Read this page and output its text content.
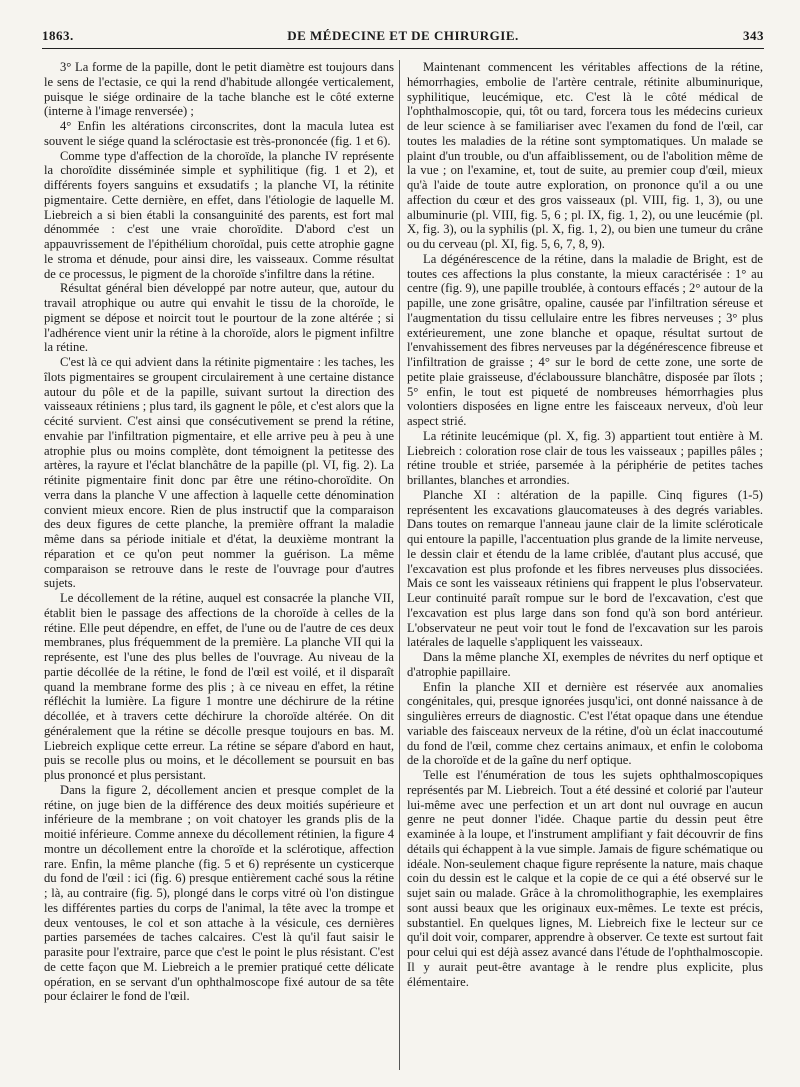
1863.	DE MÉDECINE ET DE CHIRURGIE.	343

3° La forme de la papille, dont le petit diamètre est toujours dans le sens de l'ectasie, ce qui la rend d'habitude allongée verticalement, puisque le siége ordinaire de la tache blanche est le côté externe (interne à l'image renversée) ;

4° Enfin les altérations circonscrites, dont la macula lutea est souvent le siége quand la scléroctasie est très-prononcée (fig. 1 et 6).

Comme type d'affection de la choroïde, la planche IV représente la choroïdite disséminée simple et syphilitique (fig. 1 et 2), et différents foyers sanguins et exsudatifs ; la planche VI, la rétinite pigmentaire. Cette dernière, en effet, dans l'étiologie de laquelle M. Liebreich a si bien établi la consanguinité des parents, est fort mal dénommée : c'est une vraie choroïdite. D'abord c'est un appauvrissement de l'épithélium choroïdal, puis cette atrophie gagne le stroma et dénude, pour ainsi dire, les vaisseaux. Comme résultat de ce processus, le pigment de la choroïde s'infiltre dans la rétine.

Résultat général bien développé par notre auteur, que, autour du travail atrophique ou autre qui envahit le tissu de la choroïde, le pigment se dépose et noircit tout le pourtour de la zone altérée ; si l'adhérence vient unir la rétine à la choroïde, alors le pigment infiltre la rétine.

C'est là ce qui advient dans la rétinite pigmentaire : les taches, les îlots pigmentaires se groupent circulairement à une certaine distance autour du pôle et de la papille, suivant surtout la direction des vaisseaux rétiniens ; plus tard, ils gagnent le pôle, et c'est alors que la cécité survient. C'est ainsi que consécutivement se prend la rétine, envahie par l'infiltration pigmentaire, et elle arrive peu à peu à une atrophie plus ou moins complète, dont témoignent la petitesse des artères, la rayure et l'éclat blanchâtre de la papille (pl. VI, fig. 2). La rétinite pigmentaire finit donc par être une rétino-choroïdite. On verra dans la planche V une affection à laquelle cette dénomination convient mieux encore. Rien de plus instructif que la comparaison des deux figures de cette planche, la première offrant la maladie même dans sa période initiale et d'état, la deuxième montrant la réparation et ce qu'on peut nommer la guérison. La même comparaison se retrouve dans le reste de l'ouvrage pour d'autres sujets.

Le décollement de la rétine, auquel est consacrée la planche VII, établit bien le passage des affections de la choroïde à celles de la rétine. Elle peut dépendre, en effet, de l'une ou de l'autre de ces deux membranes, plus fréquemment de la première. La planche VII qui la représente, est l'une des plus belles de l'ouvrage. Au niveau de la partie décollée de la rétine, le fond de l'œil est voilé, et il disparaît quand la membrane forme des plis ; à ce niveau en effet, la rétine réfléchit la lumière. La figure 1 montre une déchirure de la rétine décollée, et à travers cette déchirure la choroïde altérée. On dit généralement que la rétine se décolle presque toujours en bas. M. Liebreich explique cette erreur. La rétine se sépare d'abord en haut, puis se recolle plus ou moins, et le décollement se poursuit en bas plus prononcé et plus persistant.

Dans la figure 2, décollement ancien et presque complet de la rétine, on juge bien de la différence des deux moitiés supérieure et inférieure de la membrane ; on voit chatoyer les grands plis de la moitié inférieure. Comme annexe du décollement rétinien, la figure 4 montre un décollement entre la choroïde et la sclérotique, affection rare. Enfin, la même planche (fig. 5 et 6) représente un cysticerque du fond de l'œil : ici (fig. 6) presque entièrement caché sous la rétine ; là, au contraire (fig. 5), plongé dans le corps vitré où l'on distingue les différentes parties du corps de l'animal, la tête avec la trompe et deux ventouses, le col et son attache à la vésicule, ces dernières parties parsemées de taches calcaires. C'est là qu'il faut saisir le parasite pour l'extraire, parce que c'est le point le plus résistant. C'est de cette façon que M. Liebreich a le premier pratiqué cette délicate opération, en se servant d'un ophthalmoscope fixé autour de sa tête pour éclairer le fond de l'œil.

Maintenant commencent les véritables affections de la rétine, hémorrhagies, embolie de l'artère centrale, rétinite albuminurique, syphilitique, leucémique, etc. C'est là le côté médical de l'ophthalmoscopie, qui, tôt ou tard, forcera tous les médecins curieux de leur science à se familiariser avec l'examen du fond de l'œil, car toutes les maladies de la rétine sont symptomatiques. Un malade se plaint d'un trouble, ou d'un affaiblissement, ou de l'abolition même de la vue ; on l'examine, et, tout de suite, au premier coup d'œil, mieux qu'à l'aide de toute autre exploration, on prononce qu'il a ou une affection du cœur et des gros vaisseaux (pl. VIII, fig. 1, 3), ou une albuminurie (pl. VIII, fig. 5, 6 ; pl. IX, fig. 1, 2), ou une leucémie (pl. X, fig. 3), ou la syphilis (pl. X, fig. 1, 2), ou bien une tumeur du crâne ou du cerveau (pl. XI, fig. 5, 6, 7, 8, 9).

La dégénérescence de la rétine, dans la maladie de Bright, est de toutes ces affections la plus constante, la mieux caractérisée : 1° au centre (fig. 9), une papille troublée, à contours effacés ; 2° autour de la papille, une zone grisâtre, opaline, causée par l'infiltration séreuse et l'augmentation du tissu cellulaire entre les fibres nerveuses ; 3° plus extérieurement, une zone blanche et opaque, résultat surtout de l'envahissement des fibres nerveuses par la dégénérescence fibreuse et l'infiltration de graisse ; 4° sur le bord de cette zone, une sorte de petite plaie graisseuse, d'éclaboussure blanchâtre, disposée par îlots ; 5° enfin, le tout est piqueté de nombreuses hémorrhagies plus volontiers disposées en ligne entre les faisceaux nerveux, d'où leur aspect strié.

La rétinite leucémique (pl. X, fig. 3) appartient tout entière à M. Liebreich : coloration rose clair de tous les vaisseaux ; papilles pâles ; rétine trouble et striée, parsemée à la périphérie de petites taches brillantes, blanches et arrondies.

Planche XI : altération de la papille. Cinq figures (1-5) représentent les excavations glaucomateuses à des degrés variables. Dans toutes on remarque l'anneau jaune clair de la limite scléroticale qui entoure la papille, l'accentuation plus grande de la limite nerveuse, le dessin clair et étendu de la lame criblée, d'autant plus accusé, que l'excavation est plus profonde et les fibres nerveuses plus dissociées. Mais ce sont les vaisseaux rétiniens qui frappent le plus l'observateur. Leur continuité paraît rompue sur le bord de l'excavation, c'est que l'excavation est plus large dans son fond qu'à son bord antérieur. L'observateur ne peut voir tout le fond de l'excavation sur les parois latérales de laquelle s'appliquent les vaisseaux.

Dans la même planche XI, exemples de névrites du nerf optique et d'atrophie papillaire.

Enfin la planche XII et dernière est réservée aux anomalies congénitales, qui, presque ignorées jusqu'ici, ont donné naissance à de singulières erreurs de diagnostic. C'est l'état opaque dans une étendue variable des faisceaux nerveux de la rétine, d'où un éclat inaccoutumé du fond de l'œil, comme chez certains animaux, et enfin le coloboma de la choroïde et de la gaîne du nerf optique.

Telle est l'énumération de tous les sujets ophthalmoscopiques représentés par M. Liebreich. Tout a été dessiné et colorié par l'auteur lui-même avec une perfection et un art dont nul ouvrage en aucun genre ne peut donner l'idée. Chaque partie du dessin peut être examinée à la loupe, et l'instrument amplifiant y fait découvrir de fins détails qui échappent à la vue simple. Jamais de figure schématique ou idéale. Non-seulement chaque figure représente la nature, mais chaque coin du dessin est le calque et la copie de ce qui a été observé sur le sujet sain ou malade. Grâce à la chromolithographie, les exemplaires sont aussi beaux que les originaux eux-mêmes. Le texte est précis, substantiel. En quelques lignes, M. Liebreich fixe le lecteur sur ce qu'il doit voir, comparer, apprendre à observer. Ce texte est surtout fait pour celui qui est déjà assez avancé dans l'étude de l'ophthalmoscopie. Il y aurait peut-être avantage à le rendre plus explicite, plus élémentaire.
